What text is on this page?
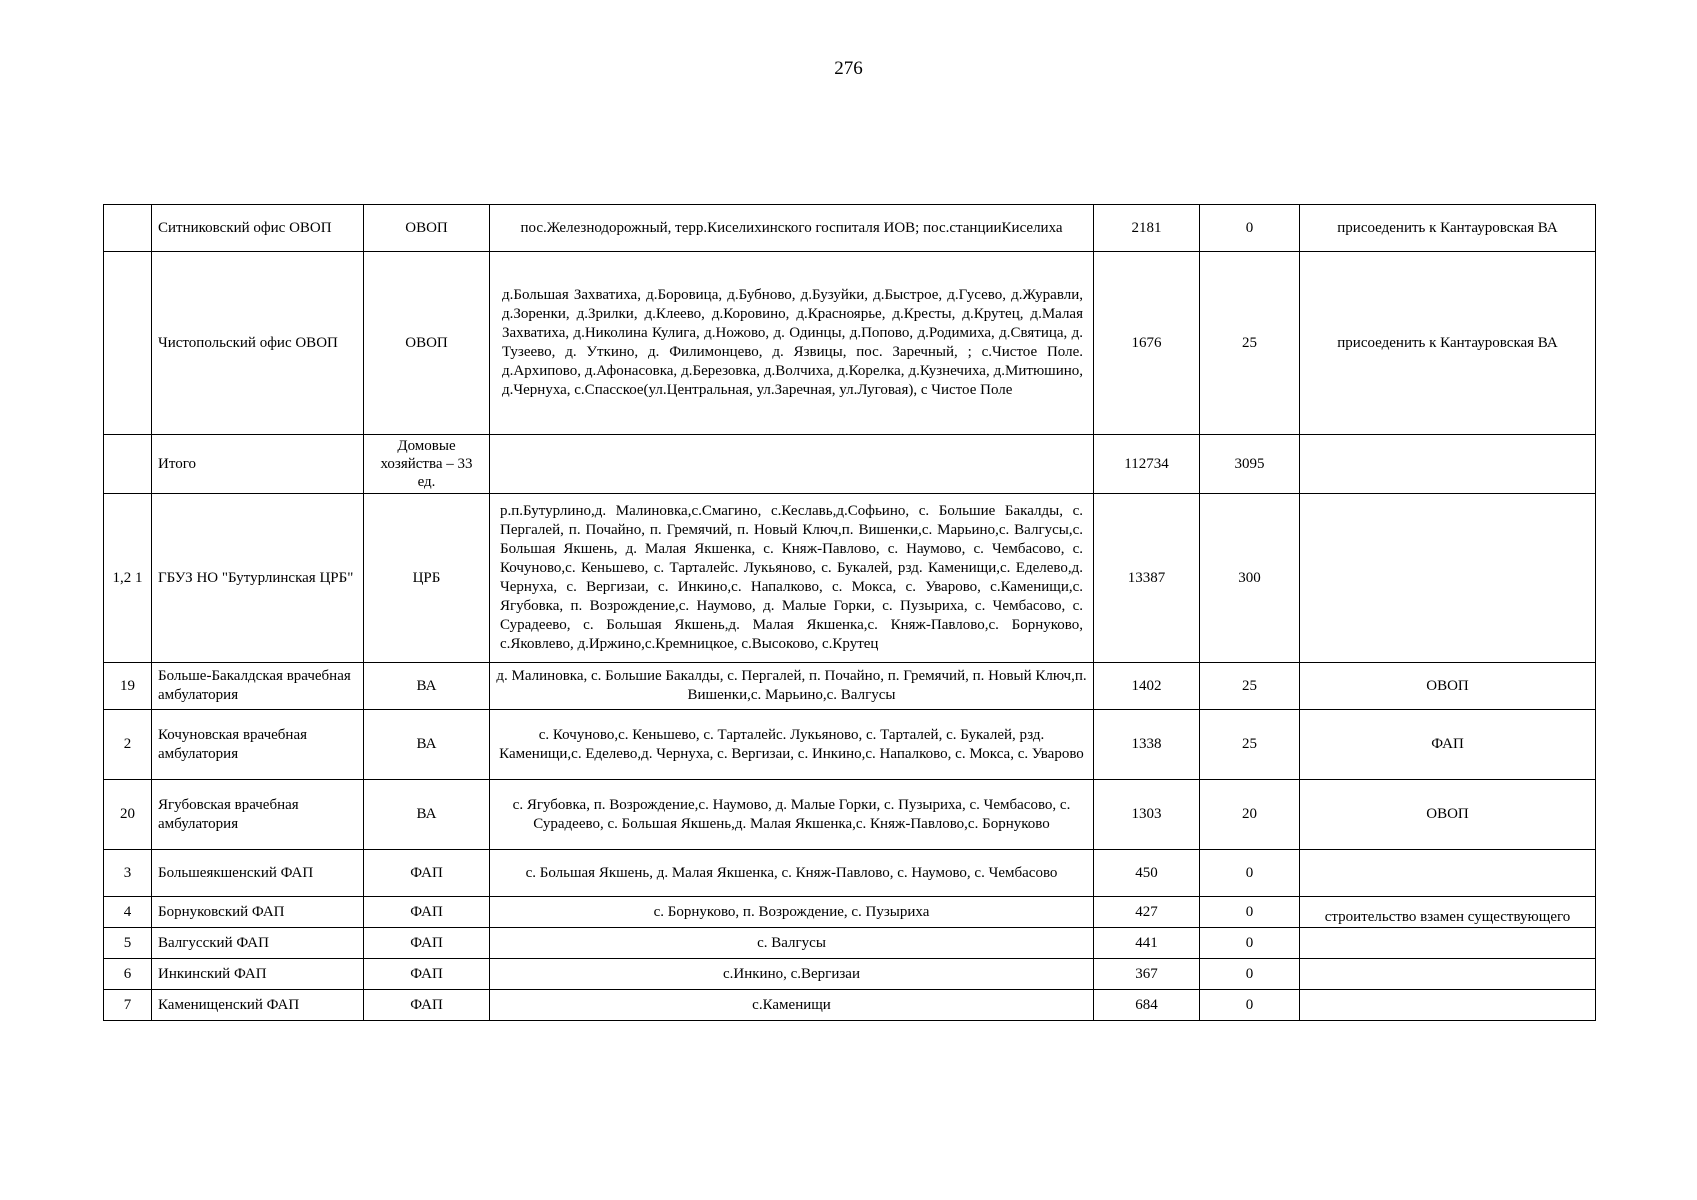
276
	Ситниковский офис ОВОП	ОВОП	пос.Железнодорожный, терр.Киселихинского госпиталя ИОВ; пос.станцииКиселиха	2181	0	присоеденить к Кантауровская ВА
	Чистопольский офис ОВОП	ОВОП	д.Большая Захватиха, д.Боровица, д.Бубново, д.Бузуйки, д.Быстрое, д.Гусево, д.Журавли, д.Зоренки, д.Зрилки, д.Клеево, д.Коровино, д.Красноярье, д.Кресты, д.Крутец, д.Малая Захватиха, д.Николина Кулига, д.Ножово, д. Одинцы, д.Попово, д.Родимиха, д.Святица, д. Тузеево, д. Уткино, д. Филимонцево, д. Язвицы, пос. Заречный, ; с.Чистое Поле. д.Архипово, д.Афонасовка, д.Березовка, д.Волчиха, д.Корелка, д.Кузнечиха, д.Митюшино, д.Чернуха, с.Спасское(ул.Центральная, ул.Заречная, ул.Луговая), с Чистое Поле	1676	25	присоеденить к Кантауровская ВА
	Итого	Домовые хозяйства – 33 ед.		112734	3095	
1,2 1	ГБУЗ НО "Бутурлинская ЦРБ"	ЦРБ	р.п.Бутурлино,д. Малиновка,с.Смагино, с.Кеславь,д.Софьино, с. Большие Бакалды, с. Пергалей, п. Почайно, п. Гремячий, п. Новый Ключ,п. Вишенки,с. Марьино,с. Валгусы,с. Большая Якшень, д. Малая Якшенка, с. Княж-Павлово, с. Наумово, с. Чембасово, с. Кочуново,с. Кеньшево, с. Тарталейс. Лукьяново, с. Букалей, рзд. Каменищи,с. Еделево,д. Чернуха, с. Вергизаи, с. Инкино,с. Напалково, с. Мокса, с. Уварово, с.Каменищи,с. Ягубовка, п. Возрождение,с. Наумово, д. Малые Горки, с. Пузыриха, с. Чембасово, с. Сурадеево, с. Большая Якшень,д. Малая Якшенка,с. Княж-Павлово,с. Борнуково, с.Яковлево, д.Иржино,с.Кремницкое, с.Высоково, с.Крутец	13387	300	
19	Больше-Бакалдская врачебная амбулатория	ВА	д. Малиновка, с. Большие Бакалды, с. Пергалей, п. Почайно, п. Гремячий, п. Новый Ключ,п. Вишенки,с. Марьино,с. Валгусы	1402	25	ОВОП
2	Кочуновская врачебная амбулатория	ВА	с. Кочуново,с. Кеньшево, с. Тарталейс. Лукьяново, с. Тарталей, с. Букалей, рзд. Каменищи,с. Еделево,д. Чернуха, с. Вергизаи, с. Инкино,с. Напалково, с. Мокса, с. Уварово	1338	25	ФАП
20	Ягубовская врачебная амбулатория	ВА	с. Ягубовка, п. Возрождение,с. Наумово, д. Малые Горки, с. Пузыриха, с. Чембасово, с. Сурадеево, с. Большая Якшень,д. Малая Якшенка,с. Княж-Павлово,с. Борнуково	1303	20	ОВОП
3	Большеякшенский ФАП	ФАП	с. Большая Якшень, д. Малая Якшенка, с. Княж-Павлово, с. Наумово, с. Чембасово	450	0	
4	Борнуковский ФАП	ФАП	с. Борнуково, п. Возрождение, с. Пузыриха	427	0	строительство взамен существующего
5	Валгусский ФАП	ФАП	с. Валгусы	441	0	
6	Инкинский ФАП	ФАП	с.Инкино, с.Вергизаи	367	0	
7	Каменищенский ФАП	ФАП	с.Каменищи	684	0	
